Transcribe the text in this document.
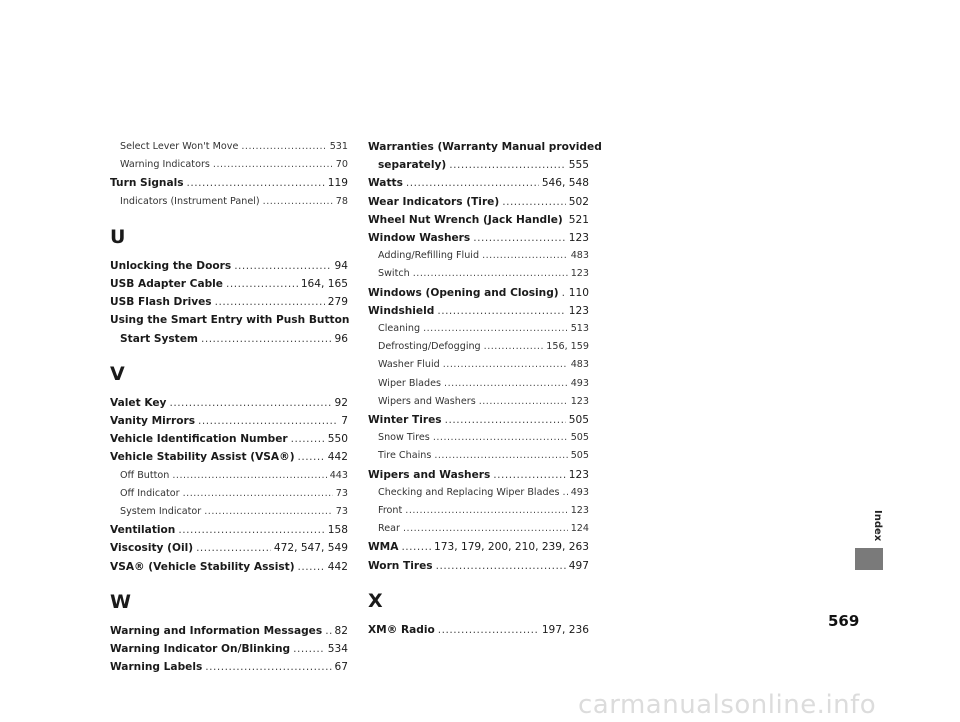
Select Lever Won't Move .....	531
Warning Indicators .....	70
Turn Signals .....	119
Indicators (Instrument Panel) .....	78
U
Unlocking the Doors .....	94
USB Adapter Cable .....	164, 165
USB Flash Drives .....	279
Using the Smart Entry with Push Button
Start System .....	96
V
Valet Key .....	92
Vanity Mirrors .....	7
Vehicle Identification Number .....	550
Vehicle Stability Assist (VSA®) .....	442
Off Button .....	443
Off Indicator .....	73
System Indicator .....	73
Ventilation .....	158
Viscosity (Oil) .....	472, 547, 549
VSA® (Vehicle Stability Assist) .....	442
W
Warning and Information Messages ..... 82
Warning Indicator On/Blinking .....	534
Warning Labels .....	67
Warranties (Warranty Manual provided
separately) .....	555
Watts .....	546, 548
Wear Indicators (Tire) .....	502
Wheel Nut Wrench (Jack Handle) 521
Window Washers .....	123
Adding/Refilling Fluid .....	483
Switch .....	123
Windows (Opening and Closing) ..... 110
Windshield .....	123
Cleaning .....	513
Defrosting/Defogging .....	156, 159
Washer Fluid .....	483
Wiper Blades .....	493
Wipers and Washers .....	123
Winter Tires .....	505
Snow Tires .....	505
Tire Chains .....	505
Wipers and Washers .....	123
Checking and Replacing Wiper Blades ..... 493
Front .....	123
Rear .....	124
WMA .....	173, 179, 200, 210, 239, 263
Worn Tires .....	497
X
XM® Radio .....	197, 236
Index
569
carmanualsonline.info
